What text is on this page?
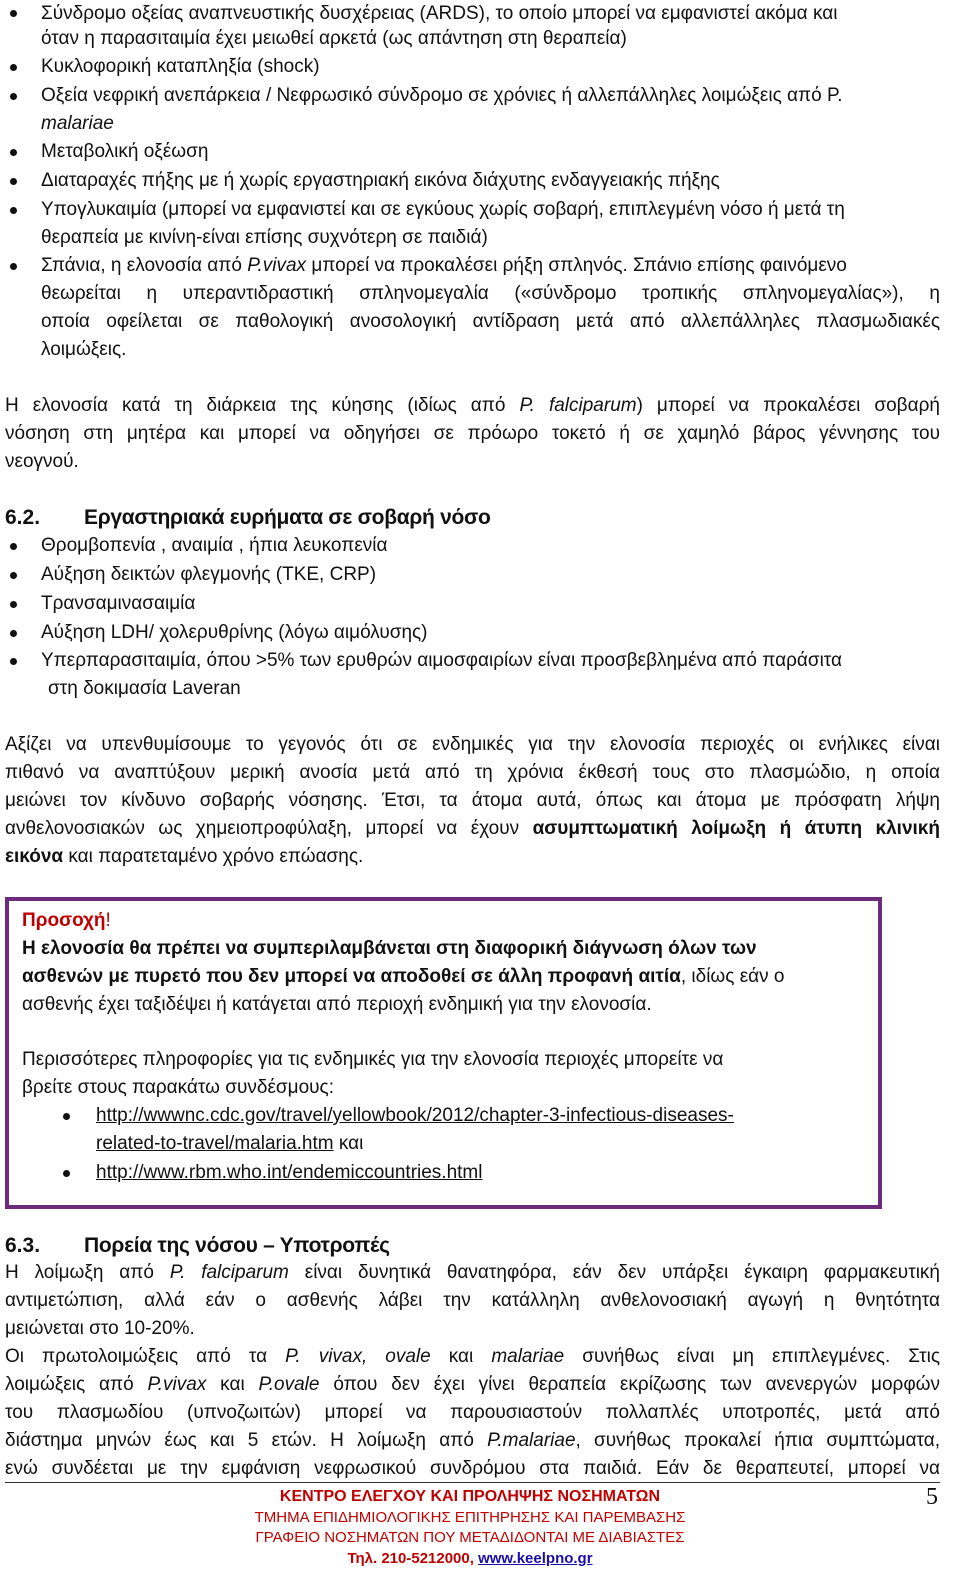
Σύνδρομο οξείας αναπνευστικής δυσχέρειας (ARDS), το οποίο μπορεί να εμφανιστεί ακόμα και
όταν η παρασιταιμία έχει μειωθεί αρκετά (ως απάντηση στη θεραπεία)
Κυκλοφορική καταπληξία (shock)
Οξεία νεφρική ανεπάρκεια / Νεφρωσικό σύνδρομο σε χρόνιες ή αλλεπάλληλες λοιμώξεις από P.
malariae
Μεταβολική οξέωση
Διαταραχές πήξης με ή χωρίς εργαστηριακή εικόνα διάχυτης ενδαγγειακής πήξης
Υπογλυκαιμία (μπορεί να εμφανιστεί και σε εγκύους χωρίς σοβαρή, επιπλεγμένη νόσο ή μετά τη
θεραπεία με κινίνη-είναι επίσης συχνότερη σε παιδιά)
Σπάνια, η ελονοσία από P.vivax μπορεί να προκαλέσει ρήξη σπληνός. Σπάνιο επίσης φαινόμενο
θεωρείται η υπεραντιδραστική σπληνομεγαλία («σύνδρομο τροπικής σπληνομεγαλίας»), η
οποία οφείλεται σε παθολογική ανοσολογική αντίδραση μετά από αλλεπάλληλες πλασμωδιακές
λοιμώξεις.
Η ελονοσία κατά τη διάρκεια της κύησης (ιδίως από P. falciparum) μπορεί να προκαλέσει σοβαρή
νόσηση στη μητέρα και μπορεί να οδηγήσει σε πρόωρο τοκετό ή σε χαμηλό βάρος γέννησης του
νεογνού.
6.2. Εργαστηριακά ευρήματα σε σοβαρή νόσο
Θρομβοπενία , αναιμία , ήπια λευκοπενία
Αύξηση δεικτών φλεγμονής (ΤΚΕ, CRP)
Τρανσαμινασαιμία
Αύξηση LDH/ χολερυθρίνης (λόγω αιμόλυσης)
Υπερπαρασιταιμία, όπου >5% των ερυθρών αιμοσφαιρίων είναι προσβεβλημένα από παράσιτα
στη δοκιμασία Laveran
Αξίζει να υπενθυμίσουμε το γεγονός ότι σε ενδημικές για την ελονοσία περιοχές οι ενήλικες είναι
πιθανό να αναπτύξουν μερική ανοσία μετά από τη χρόνια έκθεσή τους στο πλασμώδιο, η οποία
μειώνει τον κίνδυνο σοβαρής νόσησης. Έτσι, τα άτομα αυτά, όπως και άτομα με πρόσφατη λήψη
ανθελονοσιακών ως χημειοπροφύλαξη, μπορεί να έχουν ασυμπτωματική λοίμωξη ή άτυπη κλινική
εικόνα και παρατεταμένο χρόνο επώασης.
Προσοχή!
Η ελονοσία θα πρέπει να συμπεριλαμβάνεται στη διαφορική διάγνωση όλων των
ασθενών με πυρετό που δεν μπορεί να αποδοθεί σε άλλη προφανή αιτία, ιδίως εάν ο
ασθενής έχει ταξιδέψει ή κατάγεται από περιοχή ενδημική για την ελονοσία.
Περισσότερες πληροφορίες για τις ενδημικές για την ελονοσία περιοχές μπορείτε να
βρείτε στους παρακάτω συνδέσμους:
http://wwwnc.cdc.gov/travel/yellowbook/2012/chapter-3-infectious-diseases-
related-to-travel/malaria.htm και
http://www.rbm.who.int/endemiccountries.html
6.3. Πορεία της νόσου – Υποτροπές
Η λοίμωξη από P. falciparum είναι δυνητικά θανατηφόρα, εάν δεν υπάρξει έγκαιρη φαρμακευτική
αντιμετώπιση, αλλά εάν ο ασθενής λάβει την κατάλληλη ανθελονοσιακή αγωγή η θνητότητα
μειώνεται στο 10-20%.
Οι πρωτολοιμώξεις από τα P. vivax, ovale και malariae συνήθως είναι μη επιπλεγμένες. Στις
λοιμώξεις από P.vivax και P.ovale όπου δεν έχει γίνει θεραπεία εκρίζωσης των ανενεργών μορφών
του πλασμωδίου (υπνοζωιτών) μπορεί να παρουσιαστούν πολλαπλές υποτροπές, μετά από
διάστημα μηνών έως και 5 ετών. Η λοίμωξη από P.malariae, συνήθως προκαλεί ήπια συμπτώματα,
ενώ συνδέεται με την εμφάνιση νεφρωσικού συνδρόμου στα παιδιά. Εάν δε θεραπευτεί, μπορεί να
ΚΕΝΤΡΟ ΕΛΕΓΧΟΥ ΚΑΙ ΠΡΟΛΗΨΗΣ ΝΟΣΗΜΑΤΩΝ
ΤΜΗΜΑ ΕΠΙΔΗΜΙΟΛΟΓΙΚΗΣ ΕΠΙΤΗΡΗΣΗΣ ΚΑΙ ΠΑΡΕΜΒΑΣΗΣ
ΓΡΑΦΕΙΟ ΝΟΣΗΜΑΤΩΝ ΠΟΥ ΜΕΤΑΔΙΔΟΝΤΑΙ ΜΕ ΔΙΑΒΙΑΣΤΕΣ
Τηλ. 210-5212000, www.keelpno.gr
5
